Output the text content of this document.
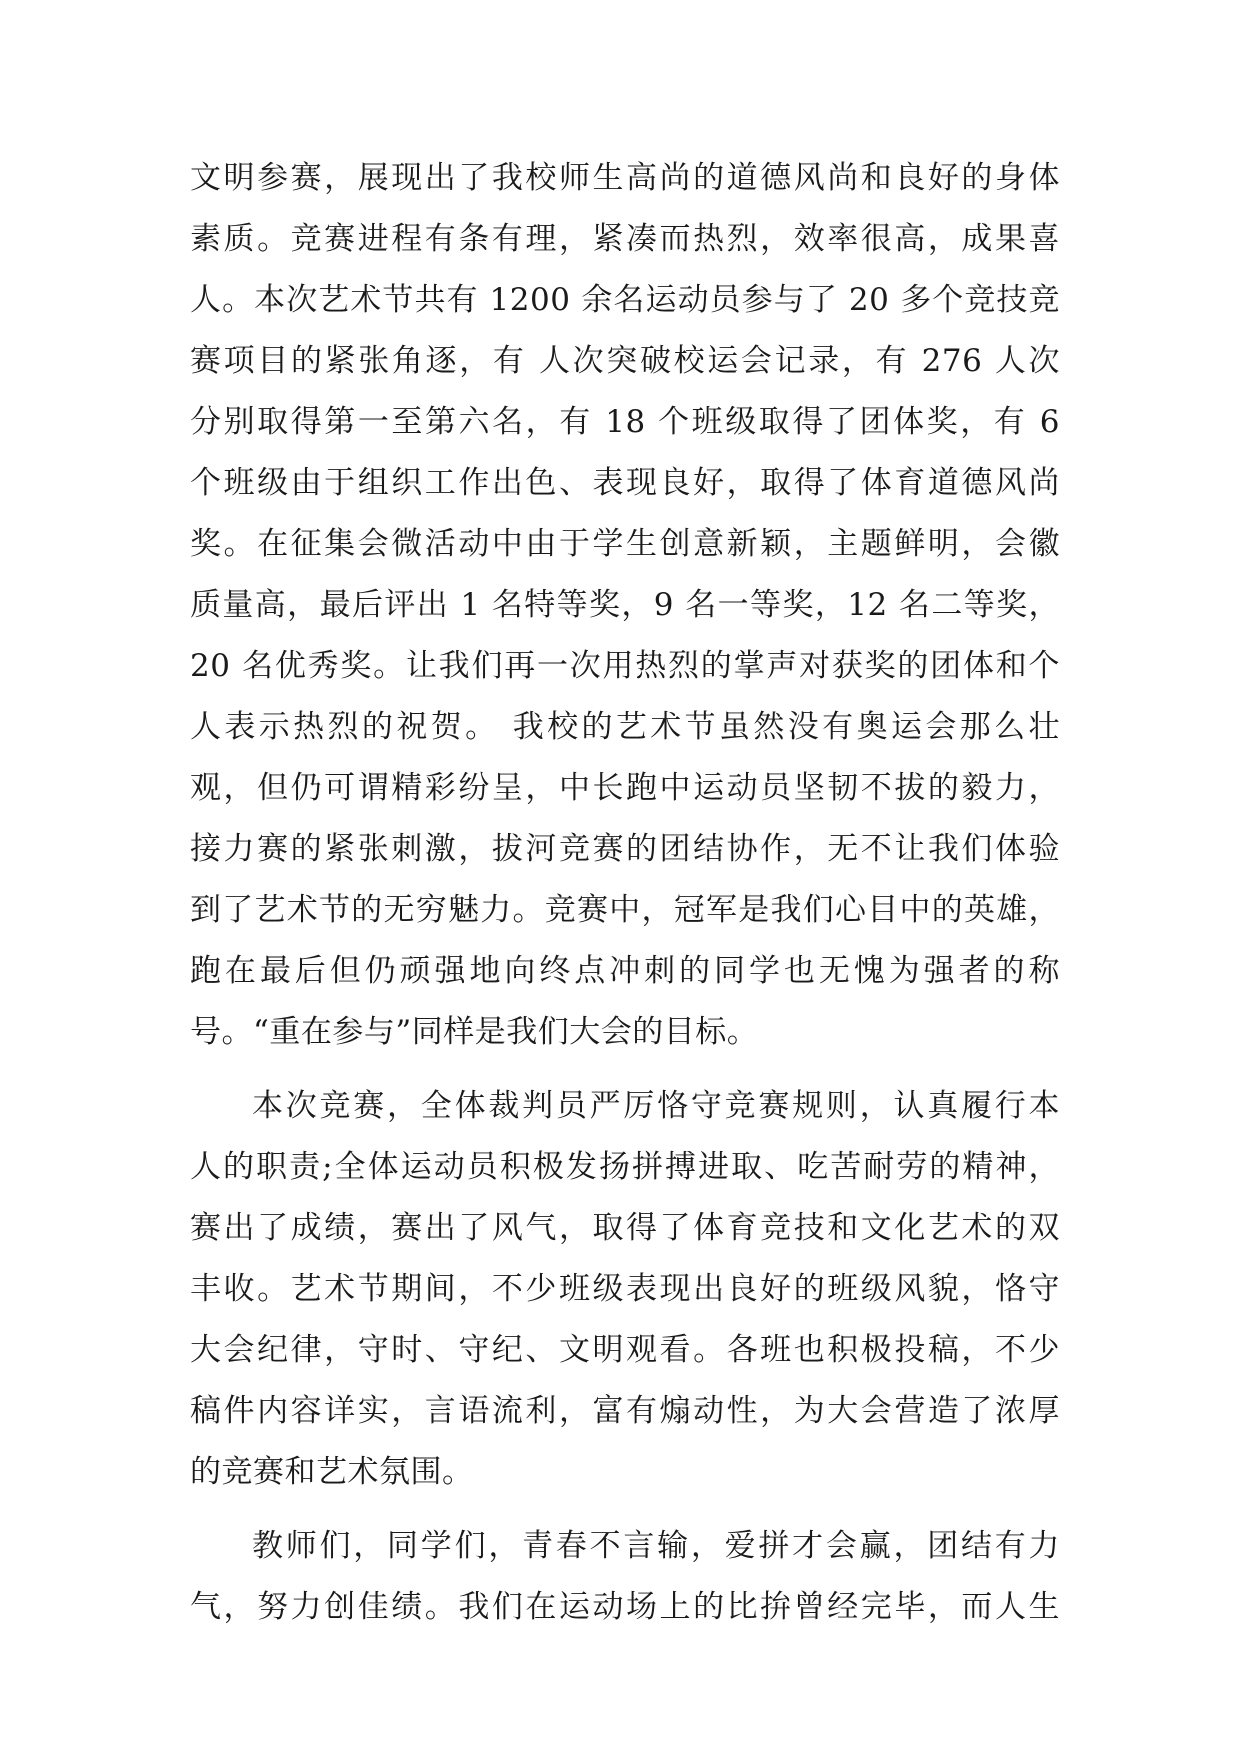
文明参赛，展现出了我校师生高尚的道德风尚和良好的身体
素质。竞赛进程有条有理，紧凑而热烈，效率很高，成果喜
人。本次艺术节共有 1200 余名运动员参与了 20 多个竞技竞
赛项目的紧张角逐，有 人次突破校运会记录，有 276 人次
分别取得第一至第六名，有 18 个班级取得了团体奖，有 6
个班级由于组织工作出色、表现良好，取得了体育道德风尚
奖。在征集会微活动中由于学生创意新颖，主题鲜明，会徽
质量高，最后评出 1 名特等奖，9 名一等奖，12 名二等奖，
20 名优秀奖。让我们再一次用热烈的掌声对获奖的团体和个
人表示热烈的祝贺。 我校的艺术节虽然没有奥运会那么壮
观，但仍可谓精彩纷呈，中长跑中运动员坚韧不拔的毅力，
接力赛的紧张刺激，拔河竞赛的团结协作，无不让我们体验
到了艺术节的无穷魅力。竞赛中，冠军是我们心目中的英雄，
跑在最后但仍顽强地向终点冲刺的同学也无愧为强者的称
号。“重在参与”同样是我们大会的目标。
本次竞赛，全体裁判员严厉恪守竞赛规则，认真履行本
人的职责;全体运动员积极发扬拼搏进取、吃苦耐劳的精神，
赛出了成绩，赛出了风气，取得了体育竞技和文化艺术的双
丰收。艺术节期间，不少班级表现出良好的班级风貌，恪守
大会纪律，守时、守纪、文明观看。各班也积极投稿，不少
稿件内容详实，言语流利，富有煽动性，为大会营造了浓厚
的竞赛和艺术氛围。
教师们，同学们，青春不言输，爱拼才会赢，团结有力
气，努力创佳绩。我们在运动场上的比拚曾经完毕，而人生
